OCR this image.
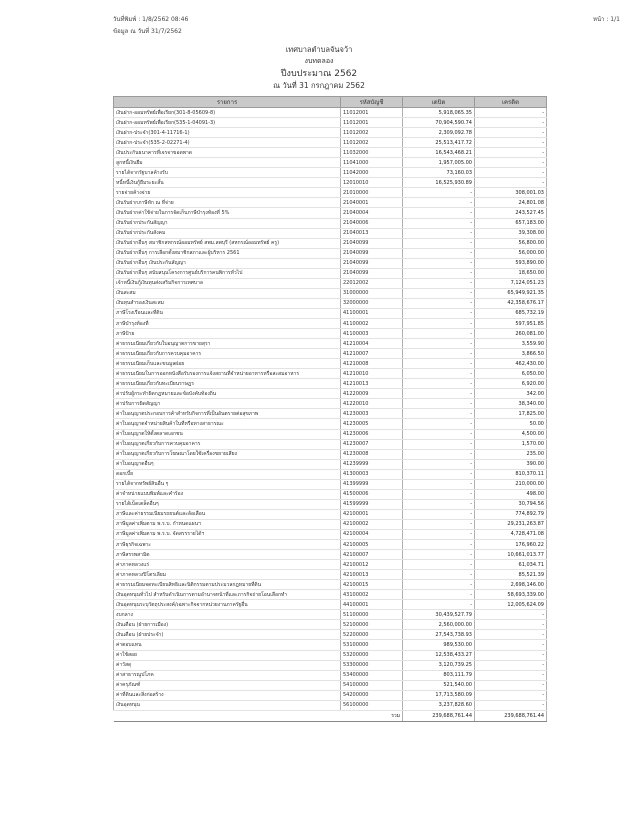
วันที่พิมพ์ : 1/8/2562 08:46
ข้อมูล ณ วันที่ 31/7/2562
หน้า : 1/1
เทศบาลตำบลจันจว้า
งบทดลอง
ปีงบประมาณ 2562
ณ วันที่ 31 กรกฎาคม 2562
รายการ	รหัสบัญชี	เดบิต	เครดิต
เงินฝาก-ออมทรัพย์เพื่อเรียก(301-8-05609-8)	11012001	5,918,065.35	-
เงินฝาก-ออมทรัพย์เพื่อเรียก(535-1-04091-3)	11012001	70,904,590.74	-
เงินฝาก-ประจำ(301-4-11716-1)	11012002	2,309,092.78	-
เงินฝาก-ประจำ(535-2-02271-4)	11012002	25,513,417.72	-
เงินประกันธนาคารที่เจรจาขอดพาด	11032000	16,543,468.21	-
ลูกหนี้เงินยืม	11041000	1,957,005.00	-
รายได้จากรัฐบาลค้างรับ	11042000	73,160.03	-
หนี้หนี้เงินกู้ยืมระยะสั้น	12010010	16,525,930.89	-
รายจ่ายค้างจ่าย	21010000	-	308,001.03
เงินรับฝากภาษีหัก ณ ที่จ่าย	21040001	-	24,801.08
เงินรับฝากค่าใช้จ่ายในการจัดเก็บภาษีบำรุงท้องที่ 5%	21040004	-	243,527.45
เงินรับฝากประกันสัญญา	21040006	-	657,183.00
เงินรับฝากประกันสังคม	21040013	-	39,308.00
เงินรับฝากอื่นๆ สมาชิกสหกรณ์ออมทรัพย์ สพม.ลพบุรี (สหกรณ์ออมทรัพย์ ครู)	21040099	-	56,800.00
เงินรับฝากอื่นๆ การเลือกตั้งสมาชิกสภาและผู้บริหาร 2561	21040099	-	56,000.00
เงินรับฝากอื่นๆ เงินประกันสัญญา	21040099	-	593,890.00
เงินรับฝากอื่นๆ สนับสนุนโครงการศูนย์บริการคนพิการทั่วไป	21040099	-	18,650.00
เจ้าหนี้เงินกู้เงินทุนส่งเสริมกิจการเทศบาล	22012002	-	7,124,051.23
เงินสะสม	31000000	-	65,949,921.35
เงินทุนสำรองเงินสะสม	32000000	-	42,358,676.17
ภาษีโรงเรือนและที่ดิน	41100001	-	685,732.19
ภาษีบำรุงท้องที่	41100002	-	597,951.85
ภาษีป้าย	41100003	-	260,081.00
ค่าธรรมเนียมเกี่ยวกับใบอนุญาตการขายสุรา	41210004	-	3,559.90
ค่าธรรมเนียมเกี่ยวกับการควบคุมอาคาร	41210007	-	3,866.50
ค่าธรรมเนียมเก็บและขนมูลฝอย	41210008	-	462,430.00
ค่าธรรมเนียมในการออกหนังสือรับรองการแจ้งสถานที่จำหน่ายอาหารหรือสะสมอาหาร	41210010	-	6,050.00
ค่าธรรมเนียมเกี่ยวกับทะเบียนราษฎร	41210013	-	6,920.00
ค่าปรับผู้กระทำผิดกฎหมายและข้อบังคับท้องถิ่น	41220009	-	342.00
ค่าปรับการผิดสัญญา	41220010	-	38,340.00
ค่าใบอนุญาตประกอบการค้าสำหรับกิจการที่เป็นอันตรายต่อสุขภาพ	41230003	-	17,825.00
ค่าใบอนุญาตจำหน่ายสินค้าในที่หรือทางสาธารณะ	41230005	-	50.00
ค่าใบอนุญาตให้ตั้งตลาดเอกชน	41230006	-	4,500.00
ค่าใบอนุญาตเกี่ยวกับการควบคุมอาคาร	41230007	-	1,570.00
ค่าใบอนุญาตเกี่ยวกับการโฆษณาโดยใช้เครื่องขยายเสียง	41230008	-	235.00
ค่าใบอนุญาตอื่นๆ	41239999	-	390.00
ดอกเบี้ย	41300003	-	810,370.11
รายได้จากทรัพย์สินอื่น ๆ	41399999	-	210,000.00
ค่าจำหน่ายแบบพิมพ์และคำร้อง	41500006	-	498.00
รายได้เบ็ดเตล็ดอื่นๆ	41599999	-	30,794.56
ภาษีและค่าธรรมเนียมรถยนต์และล้อเลื่อน	42100001	-	774,892.79
ภาษีมูลค่าเพิ่มตาม พ.ร.บ. กำหนดแผนฯ	42100002	-	29,231,263.87
ภาษีมูลค่าเพิ่มตาม พ.ร.บ. จัดสรรรายได้ฯ	42100004	-	4,728,471.08
ภาษีธุรกิจเฉพาะ	42100005	-	176,960.22
ภาษีสรรพสามิต	42100007	-	10,661,013.77
ค่าภาคหลวงแร่	42100012	-	61,034.71
ค่าภาคหลวงปิโตรเลียม	42100013	-	85,521.39
ค่าธรรมเนียมจดทะเบียนสิทธิและนิติกรรมตามประมวลกฎหมายที่ดิน	42100015	-	2,698,146.00
เงินอุดหนุนทั่วไป สำหรับดำเนินการตามอำนาจหน้าที่และภารกิจถ่ายโอนเลือกทำ	43100002	-	58,693,339.00
เงินอุดหนุนระบุวัตถุประสงค์/เฉพาะกิจจากหน่วยงานภาครัฐอื่น	44100001	-	12,005,624.09
งบกลาง	51100000	30,439,527.79	-
เงินเดือน (ฝ่ายการเมือง)	52100000	2,560,000.00	-
เงินเดือน (ฝ่ายประจำ)	52200000	27,543,738.93	-
ค่าตอบแทน	53100000	989,530.00	-
ค่าใช้สอย	53200000	12,538,433.27	-
ค่าวัสดุ	53300000	3,120,739.25	-
ค่าสาธารณูปโภค	53400000	803,111.79	-
ค่าครุภัณฑ์	54100000	521,540.00	-
ค่าที่ดินและสิ่งก่อสร้าง	54200000	17,713,580.09	-
เงินอุดหนุน	56100000	3,237,828.60	-
	รวม	239,688,761.44	239,688,761.44
